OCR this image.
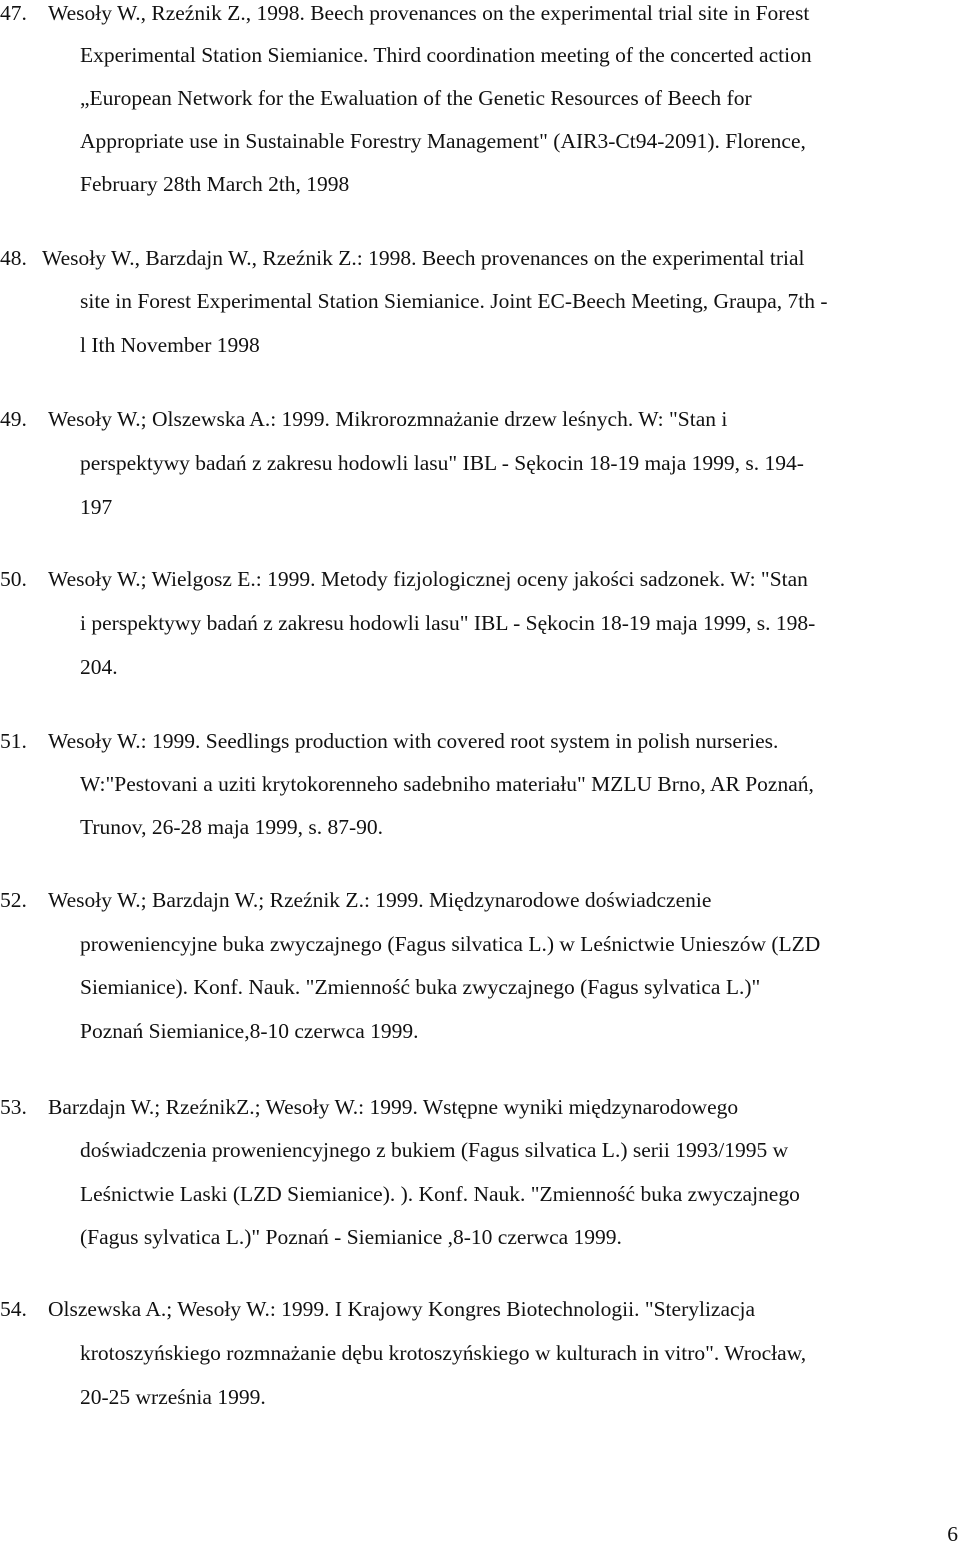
47. Wesoły W., Rzeźnik Z., 1998. Beech provenances on the experimental trial site in Forest
Experimental Station Siemianice. Third coordination meeting of the concerted action
„European Network for the Ewaluation of the Genetic Resources of Beech for
Appropriate use in Sustainable Forestry Management" (AIR3-Ct94-2091). Florence,
February 28th March 2th, 1998
48. Wesoły W., Barzdajn W., Rzeźnik Z.: 1998. Beech provenances on the experimental trial
site in Forest Experimental Station Siemianice. Joint EC-Beech Meeting, Graupa, 7th -
l Ith November 1998
49. Wesoły W.; Olszewska A.: 1999. Mikrorozmnażanie drzew leśnych. W: "Stan i
perspektywy badań z zakresu hodowli lasu" IBL - Sękocin 18-19 maja 1999, s. 194-
197
50. Wesoły W.; Wielgosz E.: 1999. Metody fizjologicznej oceny jakości sadzonek. W: "Stan
i perspektywy badań z zakresu hodowli lasu" IBL - Sękocin 18-19 maja 1999, s. 198-
204.
51. Wesoły W.: 1999. Seedlings production with covered root system in polish nurseries.
W:"Pestovani a uziti krytokorenneho sadebniho materiału" MZLU Brno, AR Poznań,
Trunov, 26-28 maja 1999, s. 87-90.
52. Wesoły W.; Barzdajn W.; Rzeźnik Z.: 1999. Międzynarodowe doświadczenie
proweniencyjne buka zwyczajnego (Fagus silvatica L.) w Leśnictwie Unieszów (LZD
Siemianice). Konf. Nauk. "Zmienność buka zwyczajnego (Fagus sylvatica L.)"
Poznań Siemianice,8-10 czerwca 1999.
53. Barzdajn W.; RzeźnikZ.; Wesoły W.: 1999. Wstępne wyniki międzynarodowego
doświadczenia proweniencyjnego z bukiem (Fagus silvatica L.) serii 1993/1995 w
Leśnictwie Laski (LZD Siemianice). ). Konf. Nauk. "Zmienność buka zwyczajnego
(Fagus sylvatica L.)" Poznań - Siemianice ,8-10 czerwca 1999.
54. Olszewska A.; Wesoły W.: 1999. I Krajowy Kongres Biotechnologii. "Sterylizacja
krotoszyńskiego rozmnażanie dębu krotoszyńskiego w kulturach in vitro". Wrocław,
20-25 września 1999.
6
